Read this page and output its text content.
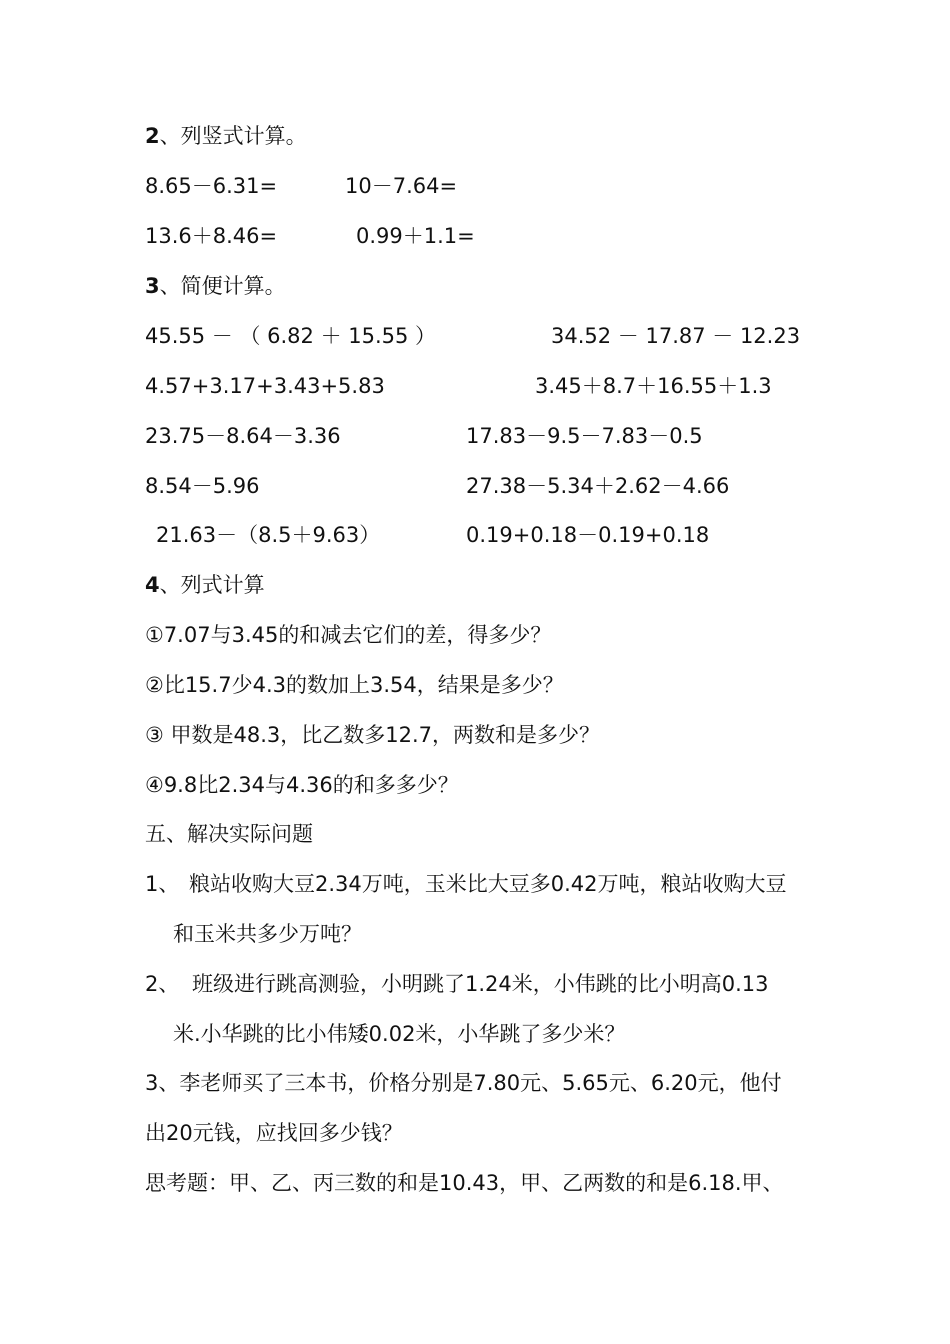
2、列竖式计算。
8.65－6.31=	10－7.64=
13.6＋8.46=	0.99＋1.1=
3、简便计算。
45.55 － （ 6.82 ＋ 15.55 ）	34.52 － 17.87 － 12.23
4.57+3.17+3.43+5.83	3.45＋8.7＋16.55＋1.3
23.75－8.64－3.36	17.83－9.5－7.83－0.5
8.54－5.96	27.38－5.34＋2.62－4.66
21.63－（8.5＋9.63）	0.19+0.18－0.19+0.18
4、列式计算
①7.07与3.45的和减去它们的差，得多少？
②比15.7少4.3的数加上3.54，结果是多少？
③ 甲数是48.3，比乙数多12.7，两数和是多少？
④9.8比2.34与4.36的和多多少？
五、解决实际问题
1、 粮站收购大豆2.34万吨，玉米比大豆多0.42万吨，粮站收购大豆
和玉米共多少万吨？
2、 班级进行跳高测验，小明跳了1.24米，小伟跳的比小明高0.13
米.小华跳的比小伟矮0.02米，小华跳了多少米？
3、李老师买了三本书，价格分别是7.80元、5.65元、6.20元，他付
出20元钱，应找回多少钱？
思考题：甲、乙、丙三数的和是10.43，甲、乙两数的和是6.18.甲、
